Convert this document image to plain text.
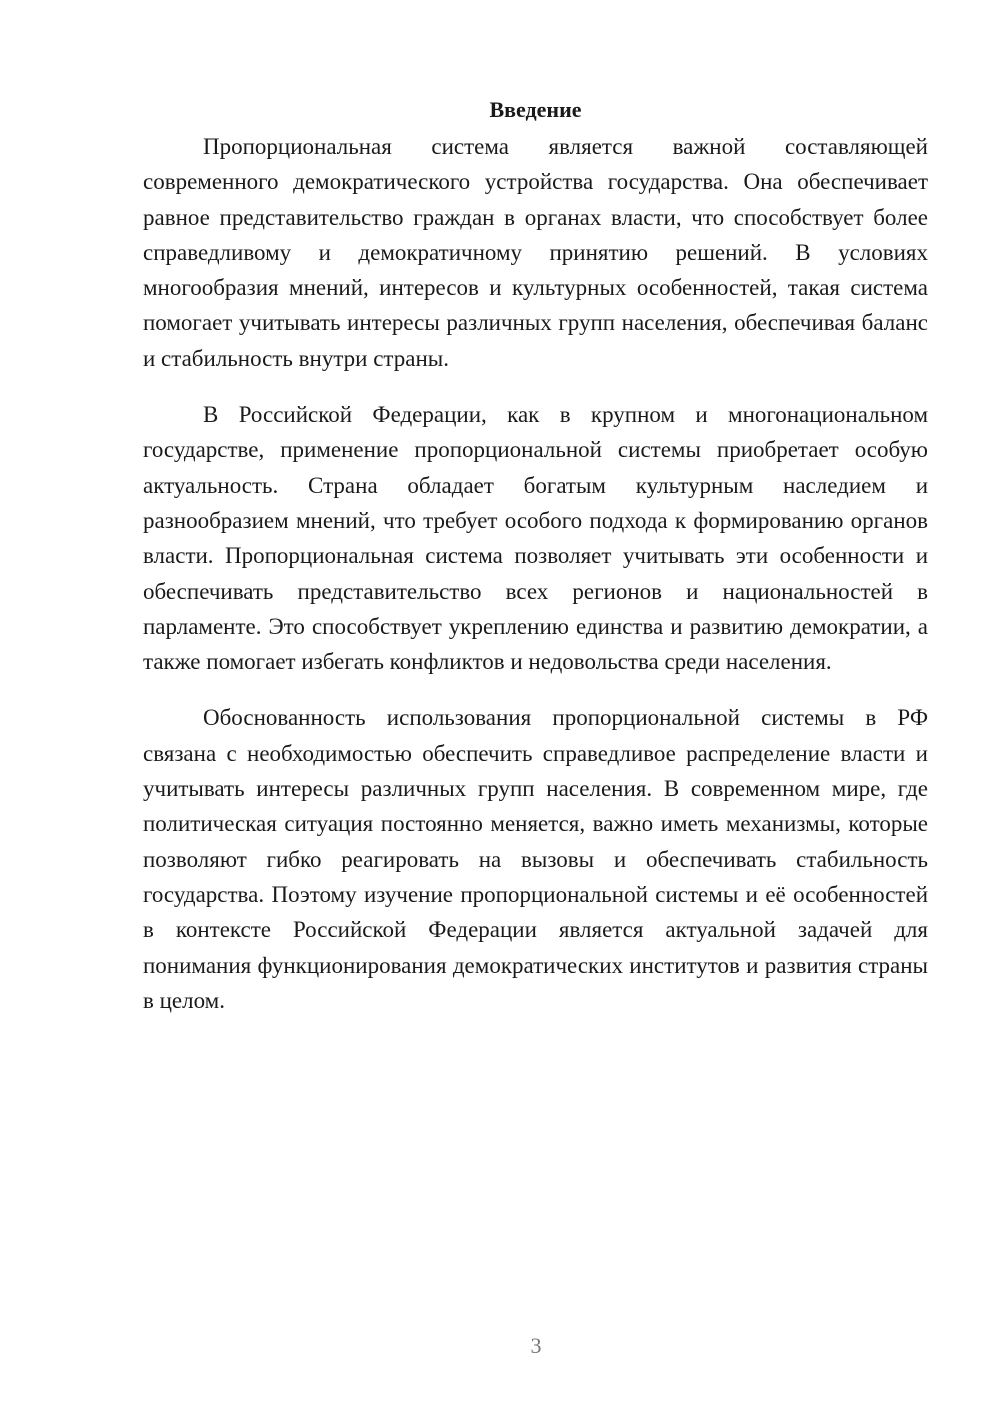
Введение

Пропорциональная система является важной составляющей современного демократического устройства государства. Она обеспечивает равное представительство граждан в органах власти, что способствует более справедливому и демократичному принятию решений. В условиях многообразия мнений, интересов и культурных особенностей, такая система помогает учитывать интересы различных групп населения, обеспечивая баланс и стабильность внутри страны.

В Российской Федерации, как в крупном и многонациональном государстве, применение пропорциональной системы приобретает особую актуальность. Страна обладает богатым культурным наследием и разнообразием мнений, что требует особого подхода к формированию органов власти. Пропорциональная система позволяет учитывать эти особенности и обеспечивать представительство всех регионов и национальностей в парламенте. Это способствует укреплению единства и развитию демократии, а также помогает избегать конфликтов и недовольства среди населения.

Обоснованность использования пропорциональной системы в РФ связана с необходимостью обеспечить справедливое распределение власти и учитывать интересы различных групп населения. В современном мире, где политическая ситуация постоянно меняется, важно иметь механизмы, которые позволяют гибко реагировать на вызовы и обеспечивать стабильность государства. Поэтому изучение пропорциональной системы и её особенностей в контексте Российской Федерации является актуальной задачей для понимания функционирования демократических институтов и развития страны в целом.

3
